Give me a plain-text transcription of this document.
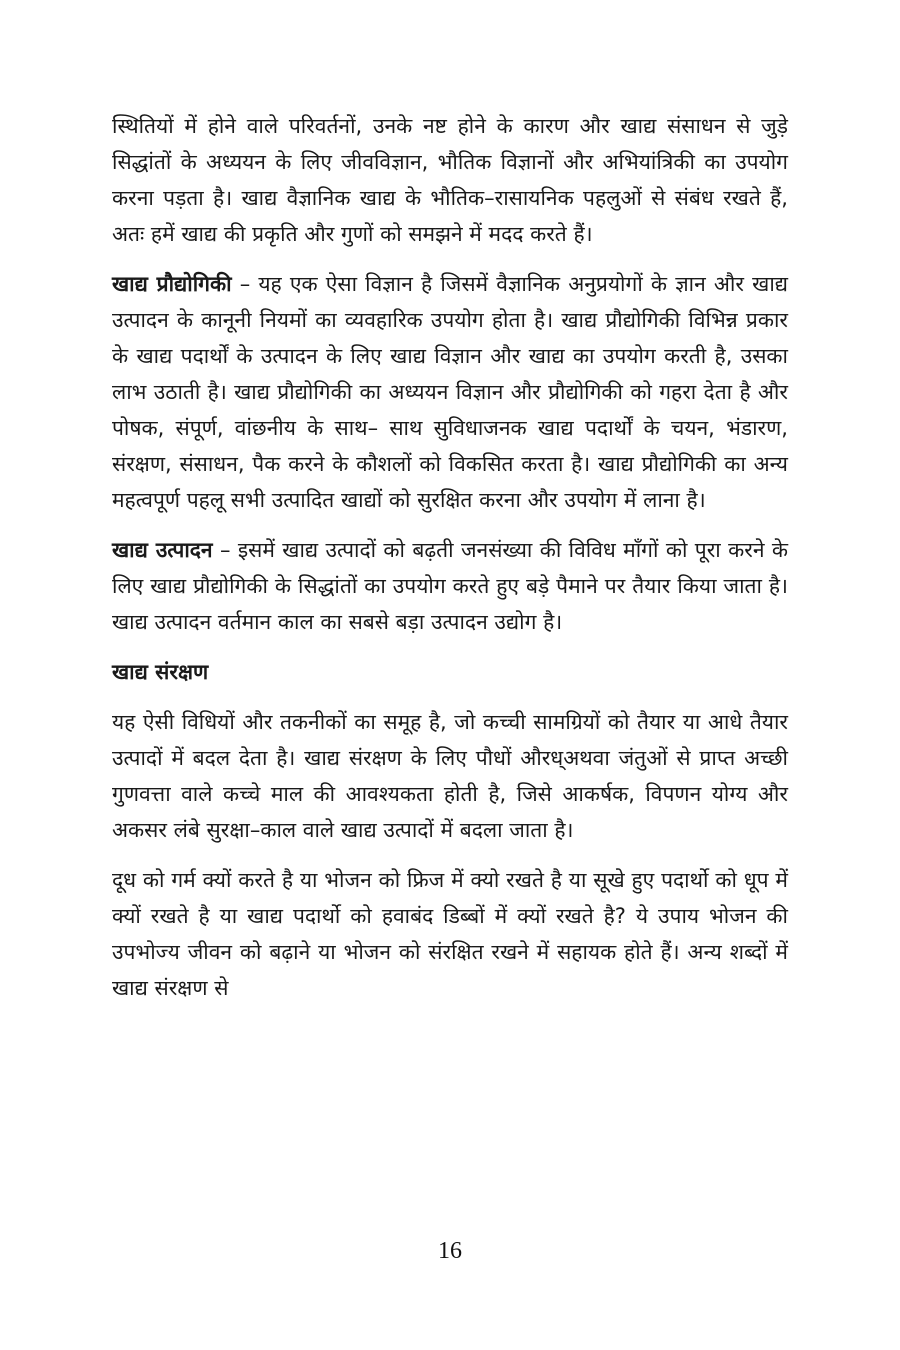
स्थितियों में होने वाले परिवर्तनों, उनके नष्ट होने के कारण और खाद्य संसाधन से जुड़े सिद्धांतों के अध्ययन के लिए जीवविज्ञान, भौतिक विज्ञानों और अभियांत्रिकी का उपयोग करना पड़ता है। खाद्य वैज्ञानिक खाद्य के भौतिक–रासायनिक पहलुओं से संबंध रखते हैं, अतः हमें खाद्य की प्रकृति और गुणों को समझने में मदद करते हैं।

खाद्य प्रौद्योगिकी – यह एक ऐसा विज्ञान है जिसमें वैज्ञानिक अनुप्रयोगों के ज्ञान और खाद्य उत्पादन के कानूनी नियमों का व्यवहारिक उपयोग होता है। खाद्य प्रौद्योगिकी विभिन्न प्रकार के खाद्य पदार्थों के उत्पादन के लिए खाद्य विज्ञान और खाद्य का उपयोग करती है, उसका लाभ उठाती है। खाद्य प्रौद्योगिकी का अध्ययन विज्ञान और प्रौद्योगिकी को गहरा देता है और पोषक, संपूर्ण, वांछनीय के साथ– साथ सुविधाजनक खाद्य पदार्थों के चयन, भंडारण, संरक्षण, संसाधन, पैक करने के कौशलों को विकसित करता है। खाद्य प्रौद्योगिकी का अन्य महत्वपूर्ण पहलू सभी उत्पादित खाद्यों को सुरक्षित करना और उपयोग में लाना है।

खाद्य उत्पादन – इसमें खाद्य उत्पादों को बढ़ती जनसंख्या की विविध माँगों को पूरा करने के लिए खाद्य प्रौद्योगिकी के सिद्धांतों का उपयोग करते हुए बड़े पैमाने पर तैयार किया जाता है। खाद्य उत्पादन वर्तमान काल का सबसे बड़ा उत्पादन उद्योग है।

खाद्य संरक्षण

यह ऐसी विधियों और तकनीकों का समूह है, जो कच्ची सामग्रियों को तैयार या आधे तैयार उत्पादों में बदल देता है। खाद्य संरक्षण के लिए पौधों औरध्अथवा जंतुओं से प्राप्त अच्छी गुणवत्ता वाले कच्चे माल की आवश्यकता होती है, जिसे आकर्षक, विपणन योग्य और अकसर लंबे सुरक्षा–काल वाले खाद्य उत्पादों में बदला जाता है।

दूध को गर्म क्यों करते है या भोजन को फ्रिज में क्यो रखते है या सूखे हुए पदार्थो को धूप में क्यों रखते है या खाद्य पदार्थो को हवाबंद डिब्बों में क्यों रखते है? ये उपाय भोजन की उपभोज्य जीवन को बढ़ाने या भोजन को संरक्षित रखने में सहायक होते हैं। अन्य शब्दों में खाद्य संरक्षण से

16
